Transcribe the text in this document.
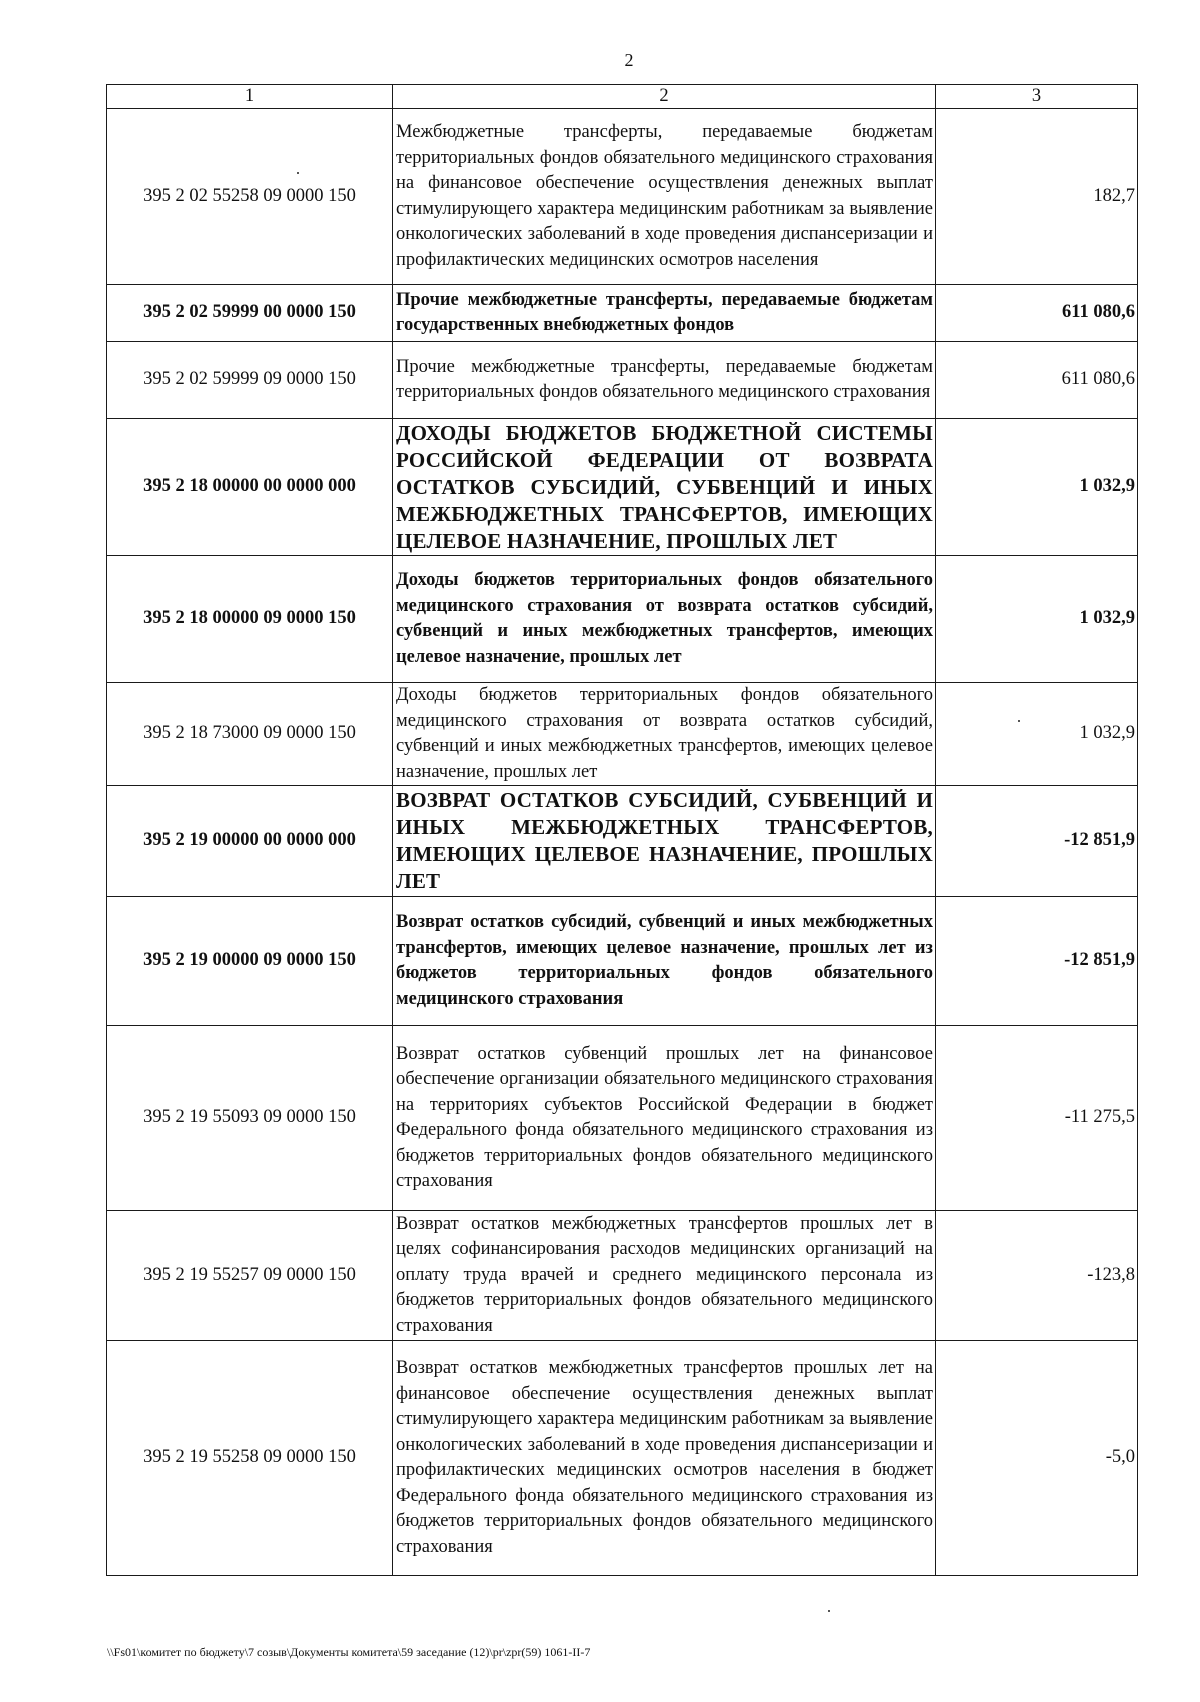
2
1	2	3
395 2 02 55258 09 0000 150	Межбюджетные трансферты, передаваемые бюджетам территориальных фондов обязательного медицинского страхования на финансовое обеспечение осуществления денежных выплат стимулирующего характера медицинским работникам за выявление онкологических заболеваний в ходе проведения диспансеризации и профилактических медицинских осмотров населения	182,7
395 2 02 59999 00 0000 150	Прочие межбюджетные трансферты, передаваемые бюджетам государственных внебюджетных фондов	611 080,6
395 2 02 59999 09 0000 150	Прочие межбюджетные трансферты, передаваемые бюджетам территориальных фондов обязательного медицинского страхования	611 080,6
395 2 18 00000 00 0000 000	ДОХОДЫ БЮДЖЕТОВ БЮДЖЕТНОЙ СИСТЕМЫ РОССИЙСКОЙ ФЕДЕРАЦИИ ОТ ВОЗВРАТА ОСТАТКОВ СУБСИДИЙ, СУБВЕНЦИЙ И ИНЫХ МЕЖБЮДЖЕТНЫХ ТРАНСФЕРТОВ, ИМЕЮЩИХ ЦЕЛЕВОЕ НАЗНАЧЕНИЕ, ПРОШЛЫХ ЛЕТ	1 032,9
395 2 18 00000 09 0000 150	Доходы бюджетов территориальных фондов обязательного медицинского страхования от возврата остатков субсидий, субвенций и иных межбюджетных трансфертов, имеющих целевое назначение, прошлых лет	1 032,9
395 2 18 73000 09 0000 150	Доходы бюджетов территориальных фондов обязательного медицинского страхования от возврата остатков субсидий, субвенций и иных межбюджетных трансфертов, имеющих целевое назначение, прошлых лет	1 032,9
395 2 19 00000 00 0000 000	ВОЗВРАТ ОСТАТКОВ СУБСИДИЙ, СУБВЕНЦИЙ И ИНЫХ МЕЖБЮДЖЕТНЫХ ТРАНСФЕРТОВ, ИМЕЮЩИХ ЦЕЛЕВОЕ НАЗНАЧЕНИЕ, ПРОШЛЫХ ЛЕТ	-12 851,9
395 2 19 00000 09 0000 150	Возврат остатков субсидий, субвенций и иных межбюджетных трансфертов, имеющих целевое назначение, прошлых лет из бюджетов территориальных фондов обязательного медицинского страхования	-12 851,9
395 2 19 55093 09 0000 150	Возврат остатков субвенций прошлых лет на финансовое обеспечение организации обязательного медицинского страхования на территориях субъектов Российской Федерации в бюджет Федерального фонда обязательного медицинского страхования из бюджетов территориальных фондов обязательного медицинского страхования	-11 275,5
395 2 19 55257 09 0000 150	Возврат остатков межбюджетных трансфертов прошлых лет в целях софинансирования расходов медицинских организаций на оплату труда врачей и среднего медицинского персонала из бюджетов территориальных фондов обязательного медицинского страхования	-123,8
395 2 19 55258 09 0000 150	Возврат остатков межбюджетных трансфертов прошлых лет на финансовое обеспечение осуществления денежных выплат стимулирующего характера медицинским работникам за выявление онкологических заболеваний в ходе проведения диспансеризации и профилактических медицинских осмотров населения в бюджет Федерального фонда обязательного медицинского страхования из бюджетов территориальных фондов обязательного медицинского страхования	-5,0
\\Fs01\комитет по бюджету\7 созыв\Документы комитета\59 заседание (12)\pr\zpr(59) 1061-II-7
